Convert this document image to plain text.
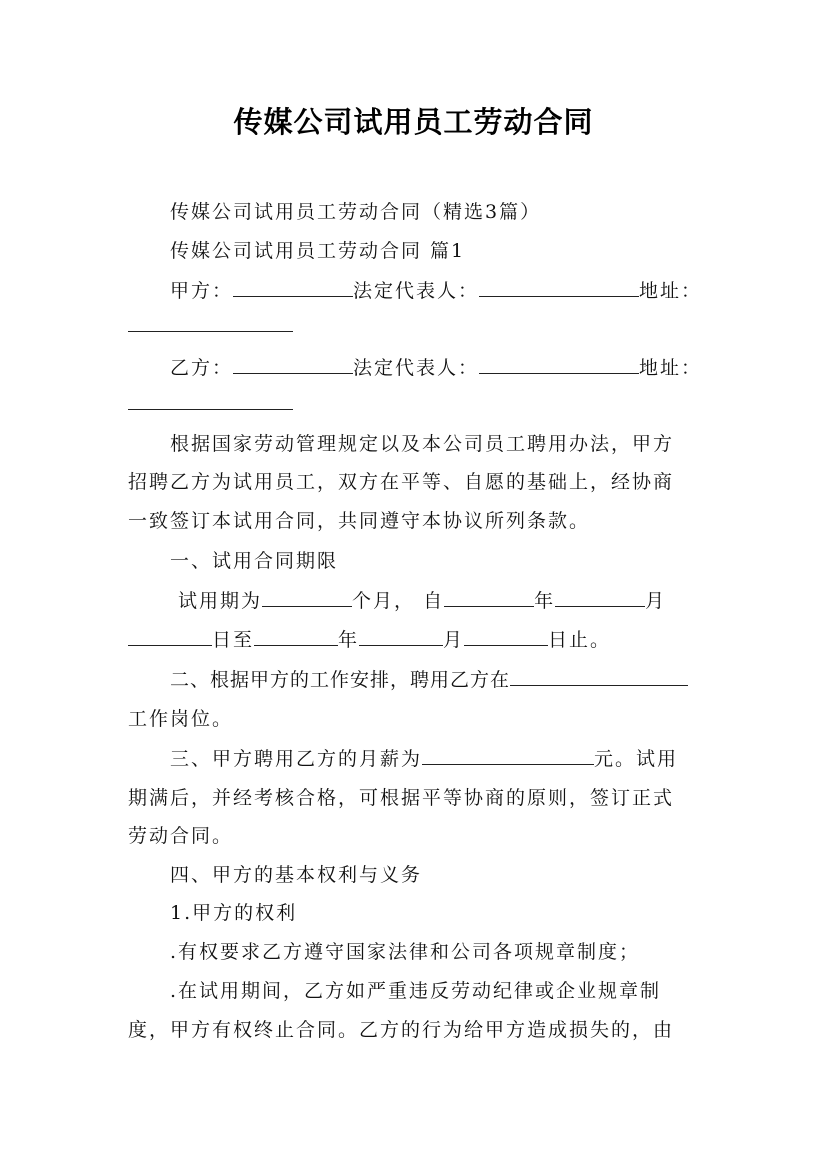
传媒公司试用员工劳动合同
传媒公司试用员工劳动合同（精选3篇）
传媒公司试用员工劳动合同 篇1
甲方：	法定代表人：	地址：
乙方：	法定代表人：	地址：
根据国家劳动管理规定以及本公司员工聘用办法，甲方
招聘乙方为试用员工，双方在平等、自愿的基础上，经协商
一致签订本试用合同，共同遵守本协议所列条款。
一、试用合同期限
试用期为	个月， 自	年	月
日至	年	月	日止。
二、根据甲方的工作安排，聘用乙方在
工作岗位。
三、甲方聘用乙方的月薪为	元。试用
期满后，并经考核合格，可根据平等协商的原则，签订正式
劳动合同。
四、甲方的基本权利与义务
1.甲方的权利
.有权要求乙方遵守国家法律和公司各项规章制度；
.在试用期间，乙方如严重违反劳动纪律或企业规章制
度，甲方有权终止合同。乙方的行为给甲方造成损失的，由
